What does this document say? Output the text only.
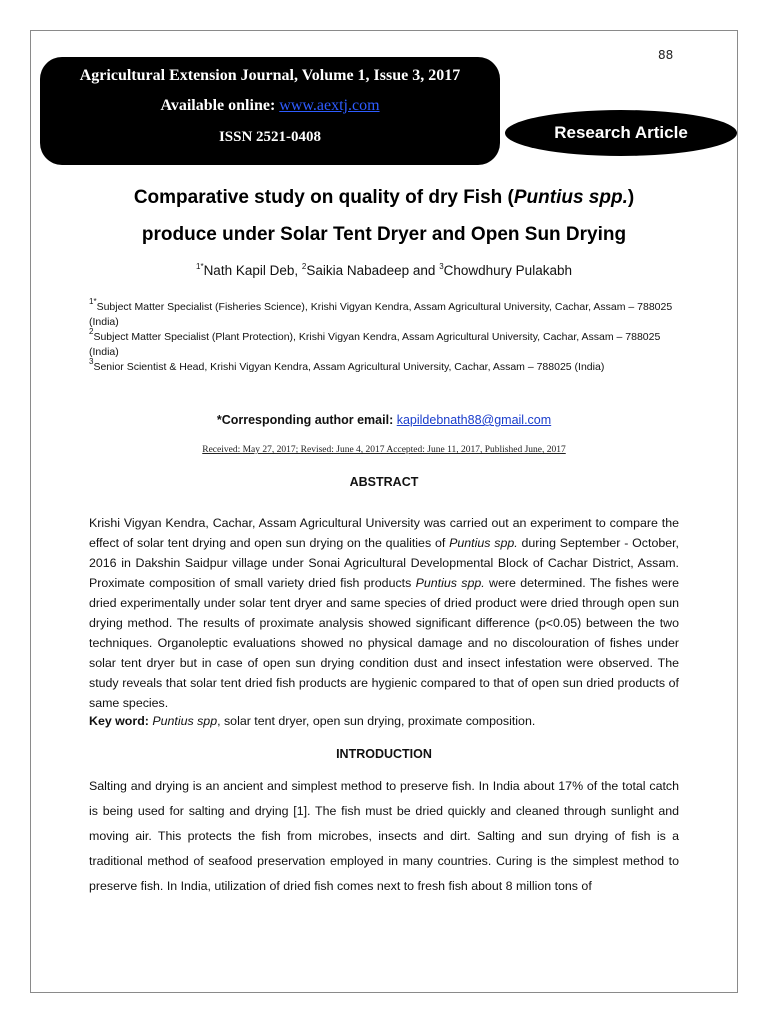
88
Agricultural Extension Journal, Volume 1, Issue 3, 2017
Available online: www.aextj.com
ISSN 2521-0408	Research Article
Comparative study on quality of dry Fish (Puntius spp.)
produce under Solar Tent Dryer and Open Sun Drying
$^{1*}$Nath Kapil Deb, $^2$Saikia Nabadeep and $^3$Chowdhury Pulakabh
$^{1*}$Subject Matter Specialist (Fisheries Science), Krishi Vigyan Kendra, Assam Agricultural University, Cachar, Assam – 788025 (India)
$^2$Subject Matter Specialist (Plant Protection), Krishi Vigyan Kendra, Assam Agricultural University, Cachar, Assam – 788025 (India)
$^3$Senior Scientist & Head, Krishi Vigyan Kendra, Assam Agricultural University, Cachar, Assam – 788025 (India)
*Corresponding author email: kapildebnath88@gmail.com
Received: May 27, 2017; Revised: June 4, 2017 Accepted: June 11, 2017, Published June, 2017
ABSTRACT
Krishi Vigyan Kendra, Cachar, Assam Agricultural University was carried out an experiment to compare the effect of solar tent drying and open sun drying on the qualities of Puntius spp. during September - October, 2016 in Dakshin Saidpur village under Sonai Agricultural Developmental Block of Cachar District, Assam. Proximate composition of small variety dried fish products Puntius spp. were determined. The fishes were dried experimentally under solar tent dryer and same species of dried product were dried through open sun drying method. The results of proximate analysis showed significant difference (p<0.05) between the two techniques. Organoleptic evaluations showed no physical damage and no discolouration of fishes under solar tent dryer but in case of open sun drying condition dust and insect infestation were observed. The study reveals that solar tent dried fish products are hygienic compared to that of open sun dried products of same species.
Key word: Puntius spp, solar tent dryer, open sun drying, proximate composition.
INTRODUCTION
Salting and drying is an ancient and simplest method to preserve fish. In India about 17% of the total catch is being used for salting and drying [1]. The fish must be dried quickly and cleaned through sunlight and moving air. This protects the fish from microbes, insects and dirt. Salting and sun drying of fish is a traditional method of seafood preservation employed in many countries. Curing is the simplest method to preserve fish. In India, utilization of dried fish comes next to fresh fish about 8 million tons of
